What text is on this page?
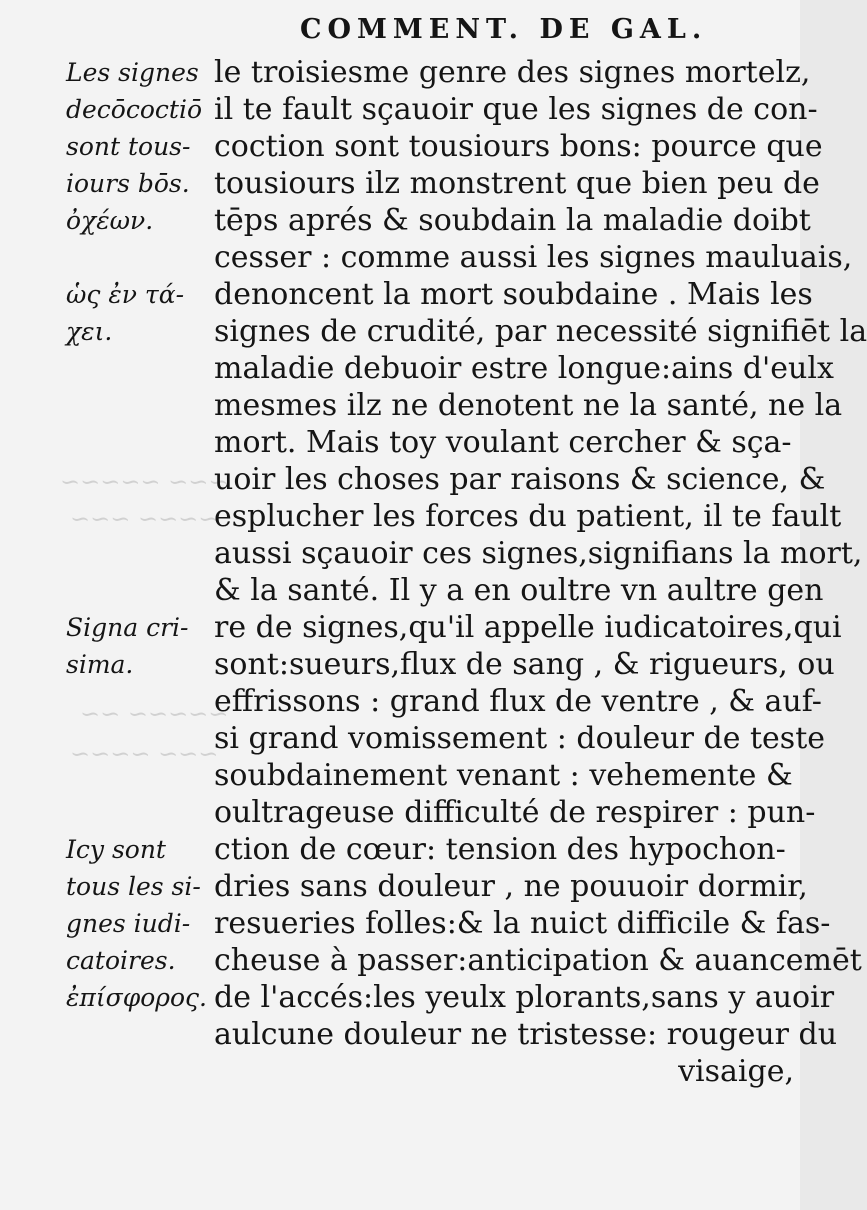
COMMENT. DE GAL.
~~~ ~~~~~
~~~~ ~~~
~~~~~ ~~
~~~ ~~~~
Les signes
decōcoctiō
sont tous-
iours bōs.
ὀχέων.
ὡς ἐν τά-
χει.
Signa cri-
sima.
Icy sont
tous les si-
gnes iudi-
catoires.
ἐπίσφορος.
le troisiesme genre des signes mortelz,
il te fault sçauoir que les signes de con-
coction sont tousiours bons: pource que
tousiours ilz monstrent que bien peu de
tēps aprés & soubdain la maladie doibt
cesser : comme aussi les signes mauluais,
denoncent la mort soubdaine . Mais les
signes de crudité, par necessité signifiēt la
maladie debuoir estre longue:ains d'eulx
mesmes ilz ne denotent ne la santé, ne la
mort. Mais toy voulant cercher & sça-
uoir les choses par raisons & science, &
esplucher les forces du patient, il te fault
aussi sçauoir ces signes,signifians la mort,
& la santé. Il y a en oultre vn aultre gen
re de signes,qu'il appelle iudicatoires,qui
sont:sueurs,flux de sang , & rigueurs, ou
effrissons : grand flux de ventre , & auf-
si grand vomissement : douleur de teste
soubdainement venant : vehemente &
oultrageuse difficulté de respirer : pun-
ction de cœur: tension des hypochon-
dries sans douleur , ne pouuoir dormir,
resueries folles:& la nuict difficile & fas-
cheuse à passer:anticipation & auancemēt
de l'accés:les yeulx plorants,sans y auoir
aulcune douleur ne tristesse: rougeur du
visaige,
